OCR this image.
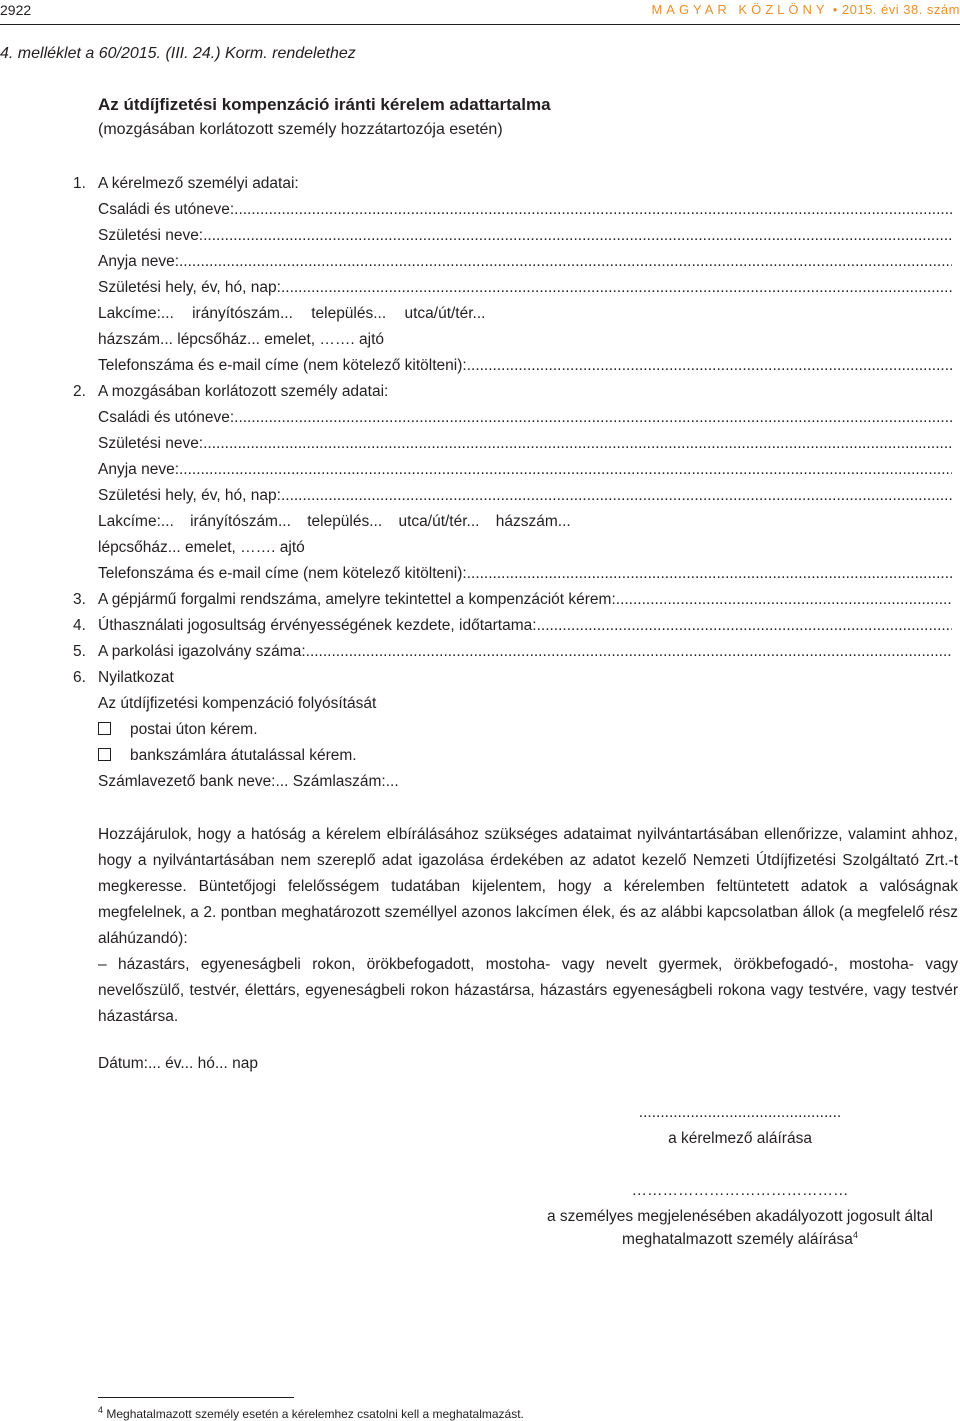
2922	MAGYAR KÖZLÖNY • 2015. évi 38. szám
4. melléklet a 60/2015. (III. 24.) Korm. rendelethez
Az útdíjfizetési kompenzáció iránti kérelem adattartalma
(mozgásában korlátozott személy hozzátartozója esetén)
1. A kérelmező személyi adatai:
Családi és utóneve:
.....
Születési neve:
.....
Anyja neve:
.....
Születési hely, év, hó, nap:
.....
Lakcíme:... irányítószám... település... utca/út/tér...
házszám... lépcsőház... emelet, ……. ajtó
Telefonszáma és e-mail címe (nem kötelező kitölteni):
.....
2. A mozgásában korlátozott személy adatai:
Családi és utóneve:
.....
Születési neve:
.....
Anyja neve:
.....
Születési hely, év, hó, nap:
.....
Lakcíme:... irányítószám... település... utca/út/tér... házszám...
lépcsőház... emelet, ……. ajtó
Telefonszáma és e-mail címe (nem kötelező kitölteni):
.....
3. A gépjármű forgalmi rendszáma, amelyre tekintettel a kompenzációt kérem:
.....
4. Úthasználati jogosultság érvényességének kezdete, időtartama:
.....
5. A parkolási igazolvány száma:
.....
6. Nyilatkozat
Az útdíjfizetési kompenzáció folyósítását
postai úton kérem.
bankszámlára átutalással kérem.
Számlavezető bank neve:... Számlaszám:...

Hozzájárulok, hogy a hatóság a kérelem elbírálásához szükséges adataimat nyilvántartásában ellenőrizze, valamint ahhoz, hogy a nyilvántartásában nem szereplő adat igazolása érdekében az adatot kezelő Nemzeti Útdíjfizetési Szolgáltató Zrt.-t megkeresse. Büntetőjogi felelősségem tudatában kijelentem, hogy a kérelemben feltüntetett adatok a valóságnak megfelelnek, a 2. pontban meghatározott személlyel azonos lakcímen élek, és az alábbi kapcsolatban állok (a megfelelő rész aláhúzandó):

– házastárs, egyeneságbeli rokon, örökbefogadott, mostoha- vagy nevelt gyermek, örökbefogadó-, mostoha- vagy nevelőszülő, testvér, élettárs, egyeneságbeli rokon házastársa, házastárs egyeneságbeli rokona vagy testvére, vagy testvér házastársa.

Dátum:... év... hó... nap
...............................................
a kérelmező aláírása
……………………………………
a személyes megjelenésében akadályozott jogosult által
meghatalmazott személy aláírása$^4$
$^4$ Meghatalmazott személy esetén a kérelemhez csatolni kell a meghatalmazást.
